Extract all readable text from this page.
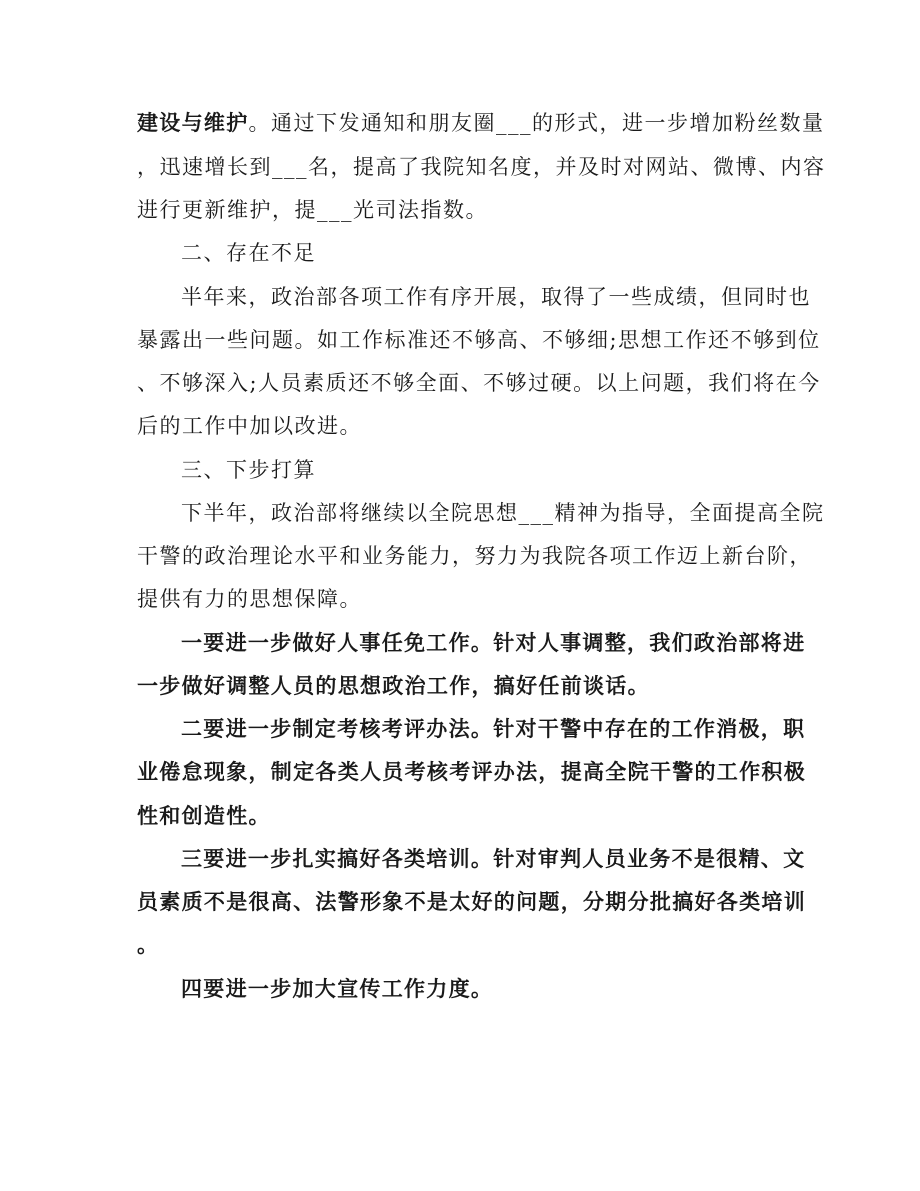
建设与维护。通过下发通知和朋友圈___的形式，进一步增加粉丝数量
，迅速增长到___名，提高了我院知名度，并及时对网站、微博、内容
进行更新维护，提___光司法指数。
二、存在不足
半年来，政治部各项工作有序开展，取得了一些成绩，但同时也
暴露出一些问题。如工作标准还不够高、不够细;思想工作还不够到位
、不够深入;人员素质还不够全面、不够过硬。以上问题，我们将在今
后的工作中加以改进。
三、下步打算
下半年，政治部将继续以全院思想___精神为指导，全面提高全院
干警的政治理论水平和业务能力，努力为我院各项工作迈上新台阶，
提供有力的思想保障。
一要进一步做好人事任免工作。针对人事调整，我们政治部将进
一步做好调整人员的思想政治工作，搞好任前谈话。
二要进一步制定考核考评办法。针对干警中存在的工作消极，职
业倦怠现象，制定各类人员考核考评办法，提高全院干警的工作积极
性和创造性。
三要进一步扎实搞好各类培训。针对审判人员业务不是很精、文
员素质不是很高、法警形象不是太好的问题，分期分批搞好各类培训
。
四要进一步加大宣传工作力度。
